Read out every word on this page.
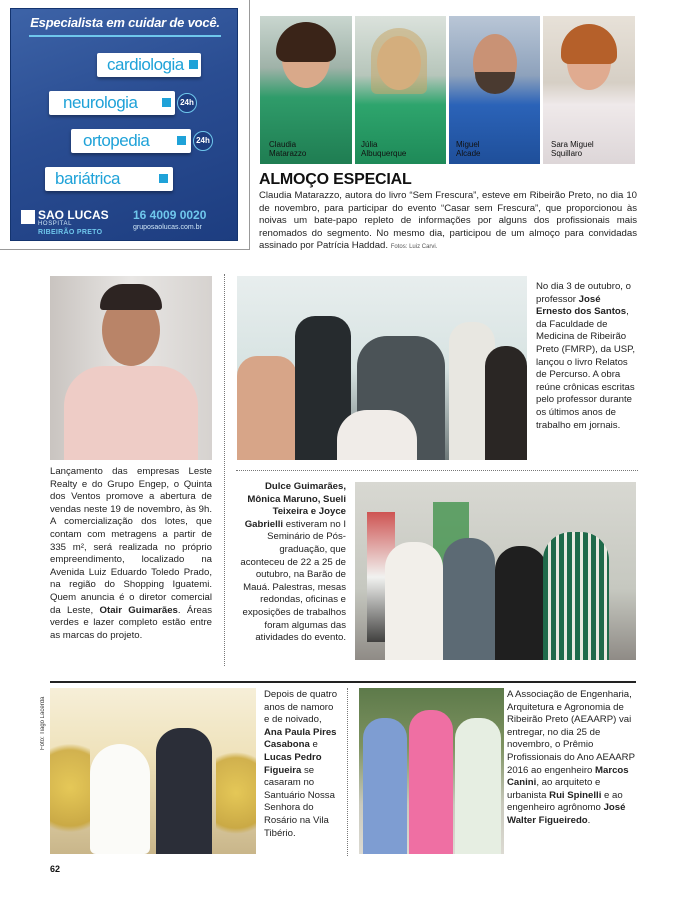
Especialista em cuidar de você.
cardiologia
neurologia	24h
ortopedia	24h
bariátrica
SAO LUCAS
HOSPITAL
RIBEIRÃO PRETO
16 4009 0020
gruposaolucas.com.br
Claudia Matarazzo
Júlia Albuquerque
Miguel Alcade
Sara Miguel Squillaro
ALMOÇO ESPECIAL
Claudia Matarazzo, autora do livro “Sem Frescura”, esteve em Ribeirão Preto, no dia 10 de novembro, para participar do evento “Casar sem Frescura”, que proporcionou às noivas um bate-papo repleto de informações por alguns dos profissionais mais renomados do segmento. No mesmo dia, participou de um almoço para convidadas assinado por Patrícia Haddad. Fotos: Luiz Carvi.
Lançamento das empresas Leste Realty e do Grupo Engep, o Quinta dos Ventos promove a abertura de vendas neste 19 de novembro, às 9h. A comercialização dos lotes, que contam com metragens a partir de 335 m², será realizada no próprio empreendimento, localizado na Avenida Luiz Eduardo Toledo Prado, na região do Shopping Iguatemi. Quem anuncia é o diretor comercial da Leste, Otair Guimarães. Áreas verdes e lazer completo estão entre as marcas do projeto.
No dia 3 de outubro, o professor José Ernesto dos Santos, da Faculdade de Medicina de Ribeirão Preto (FMRP), da USP, lançou o livro Relatos de Percurso. A obra reúne crônicas escritas pelo professor durante os últimos anos de trabalho em jornais.
Dulce Guimarães, Mônica Maruno, Sueli Teixeira e Joyce Gabrielli estiveram no I Seminário de Pós-graduação, que aconteceu de 22 a 25 de outubro, na Barão de Mauá. Palestras, mesas redondas, oficinas e exposições de trabalhos foram algumas das atividades do evento.
Foto: Tiago Lacerda
Depois de quatro anos de namoro e de noivado, Ana Paula Pires Casabona e Lucas Pedro Figueira se casaram no Santuário Nossa Senhora do Rosário na Vila Tibério.
A Associação de Engenharia, Arquitetura e Agronomia de Ribeirão Preto (AEAARP) vai entregar, no dia 25 de novembro, o Prêmio Profissionais do Ano AEAARP 2016 ao engenheiro Marcos Canini, ao arquiteto e urbanista Rui Spinelli e ao engenheiro agrônomo José Walter Figueiredo.
62
